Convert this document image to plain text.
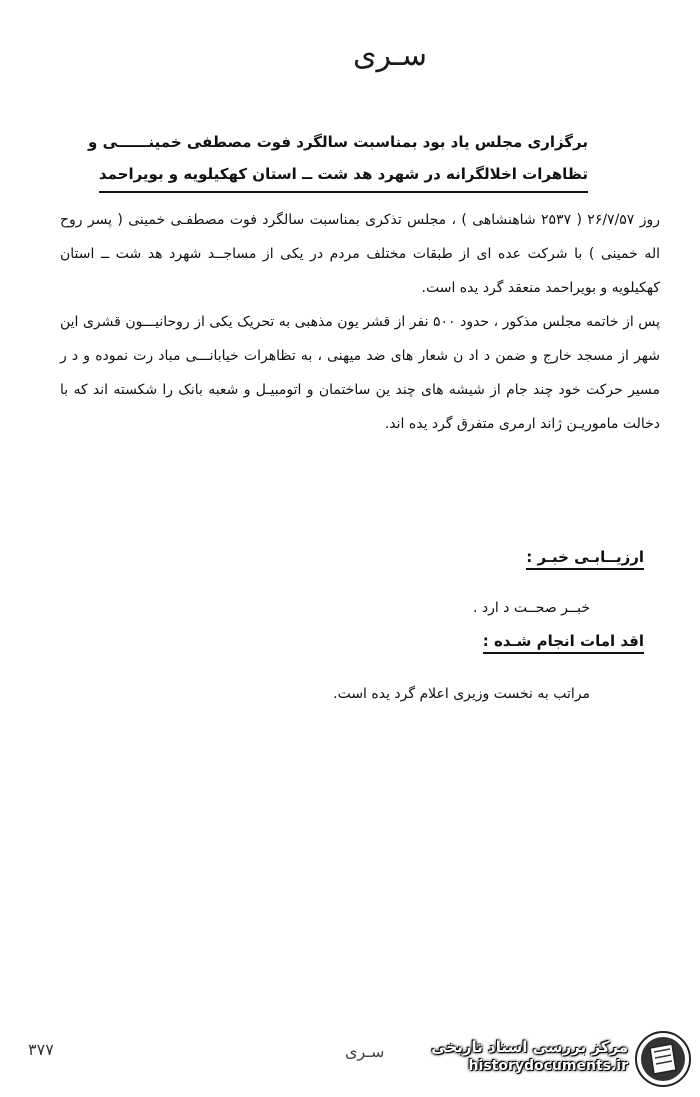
سـری
برگزاری مجلس یاد بود بمناسبت سالگرد فوت مصطفی خمینــــــی و
تظاهرات اخلالگرانه در شهرد هد شت ــ استان کهکیلویه و بویراحمد

روز ۲۶/۷/۵۷ ( ۲۵۳۷ شاهنشاهی ) ، مجلس تذکری بمناسبت سالگرد فوت مصطفـی خمینی ( پسر روح اله خمینی ) با شرکت عده ای از طبقات مختلف مردم در یکی از مساجــد شهرد هد شت ــ استان کهکیلویه و بویراحمد منعقد گرد یده است.

پس از خاتمه مجلس مذکور ، حدود ۵۰۰ نفر از قشر یون مذهبی به تحریک یکی از روحانیـــون قشری این شهر از مسجد خارج و ضمن د اد ن شعار های ضد میهنی ، به تظاهرات خیابانـــی مباد رت نموده و د ر مسیر حرکت خود چند جام از شیشه های چند ین ساختمان و اتومبیـل و شعبه بانک را شکسته اند که با دخالت ماموریـن ژاند ارمری متفرق گرد یده اند.

ارزیــابـی خبـر :
خبــر صحــت د ارد .
اقد امات انجام شـده :
مراتب به نخست وزیری اعلام گرد یده است.
۳۷۷	سـری	مرکز بررسی اسناد تاریخی
historydocuments.ir
